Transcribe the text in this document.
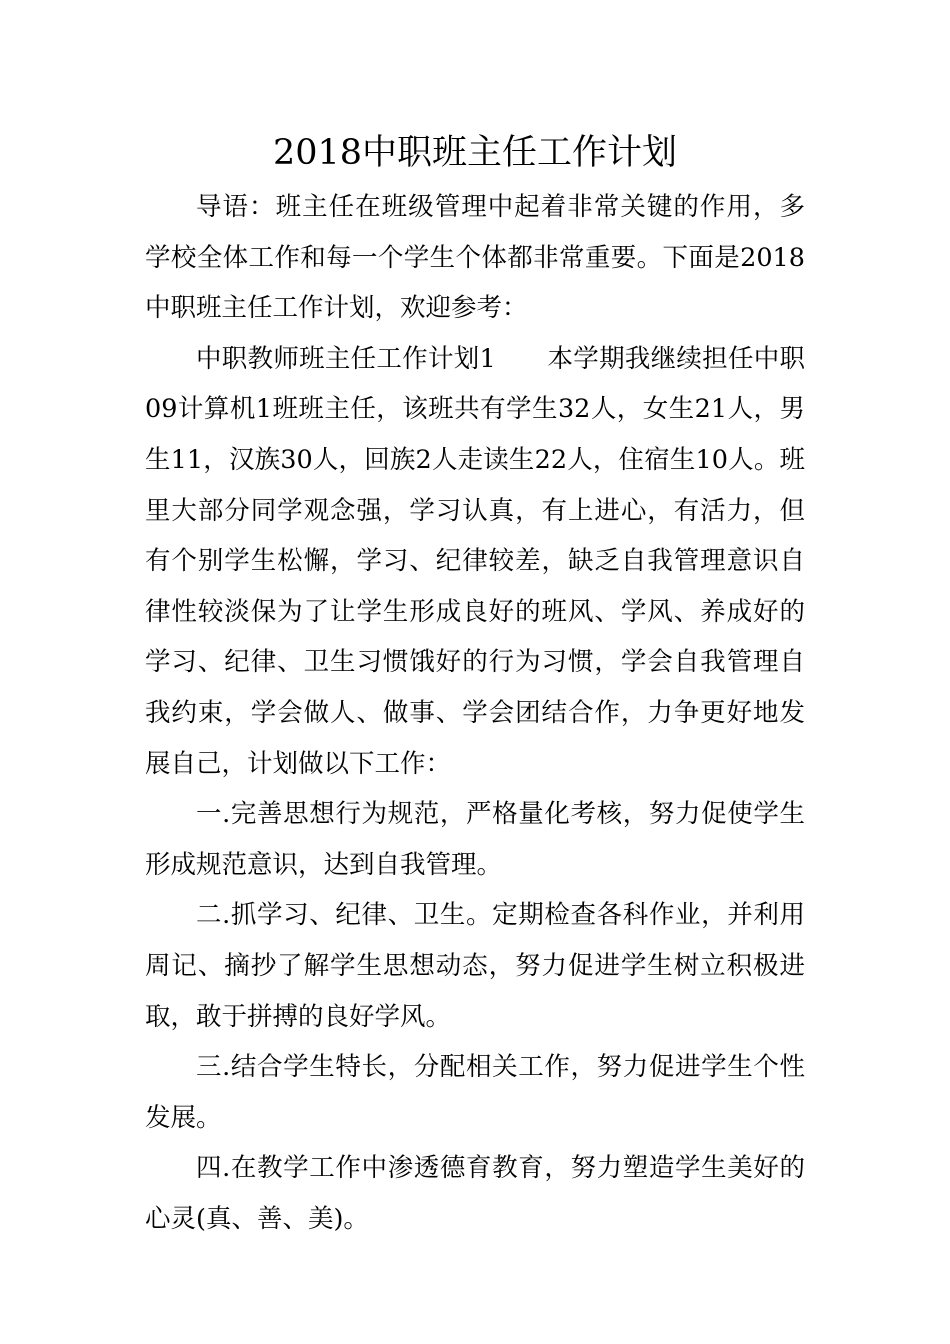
2018中职班主任工作计划

导语：班主任在班级管理中起着非常关键的作用，多学校全体工作和每一个学生个体都非常重要。下面是2018中职班主任工作计划，欢迎参考：

中职教师班主任工作计划1　　本学期我继续担任中职09计算机1班班主任，该班共有学生32人，女生21人，男生11，汉族30人，回族2人走读生22人，住宿生10人。班里大部分同学观念强，学习认真，有上进心，有活力，但有个别学生松懈，学习、纪律较差，缺乏自我管理意识自律性较淡保为了让学生形成良好的班风、学风、养成好的学习、纪律、卫生习惯饿好的行为习惯，学会自我管理自我约束，学会做人、做事、学会团结合作，力争更好地发展自己，计划做以下工作：

一.完善思想行为规范，严格量化考核，努力促使学生形成规范意识，达到自我管理。

二.抓学习、纪律、卫生。定期检查各科作业，并利用周记、摘抄了解学生思想动态，努力促进学生树立积极进取，敢于拼搏的良好学风。

三.结合学生特长，分配相关工作，努力促进学生个性发展。

四.在教学工作中渗透德育教育，努力塑造学生美好的心灵(真、善、美)。
